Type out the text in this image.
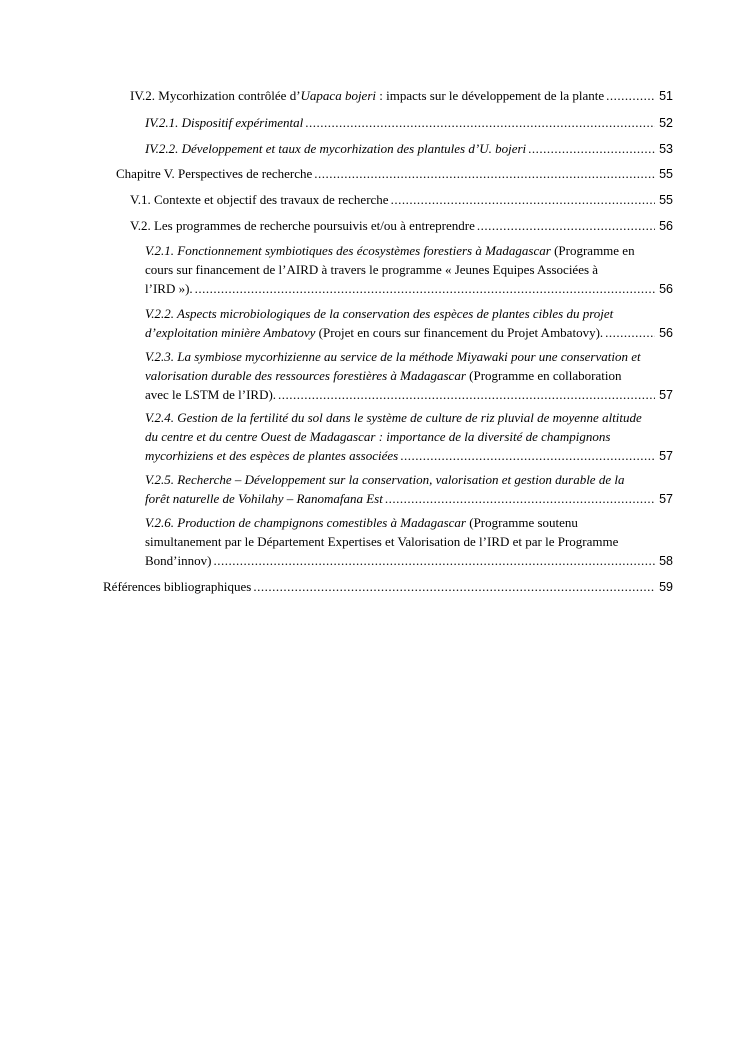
IV.2. Mycorhization contrôlée d’Uapaca bojeri : impacts sur le développement de la plante .....	51
IV.2.1. Dispositif expérimental .....	52
IV.2.2. Développement et taux de mycorhization des plantules d’U. bojeri .....	53
Chapitre V. Perspectives de recherche .....	55
V.1. Contexte et objectif des travaux de recherche .....	55
V.2. Les programmes de recherche poursuivis et/ou à entreprendre .....	56
V.2.1. Fonctionnement symbiotiques des écosystèmes forestiers à Madagascar (Programme en
cours sur financement de l’AIRD à travers le programme « Jeunes Equipes Associées à
l’IRD »). .....	56
V.2.2. Aspects microbiologiques de la conservation des espèces de plantes cibles du projet
d’exploitation minière Ambatovy (Projet en cours sur financement du Projet Ambatovy). .....	56
V.2.3. La symbiose mycorhizienne au service de la méthode Miyawaki pour une conservation et
valorisation durable des ressources forestières à Madagascar (Programme en collaboration
avec le LSTM de l’IRD). .....	57
V.2.4. Gestion de la fertilité du sol dans le système de culture de riz pluvial de moyenne altitude
du centre et du centre Ouest de Madagascar : importance de la diversité de champignons
mycorhiziens et des espèces de plantes associées .....	57
V.2.5. Recherche – Développement sur la conservation, valorisation et gestion durable de la
forêt naturelle de Vohilahy – Ranomafana Est .....	57
V.2.6. Production de champignons comestibles à Madagascar (Programme soutenu
simultanement par le Département Expertises et Valorisation de l’IRD et par le Programme
Bond’innov) .....	58
Références bibliographiques .....	59
